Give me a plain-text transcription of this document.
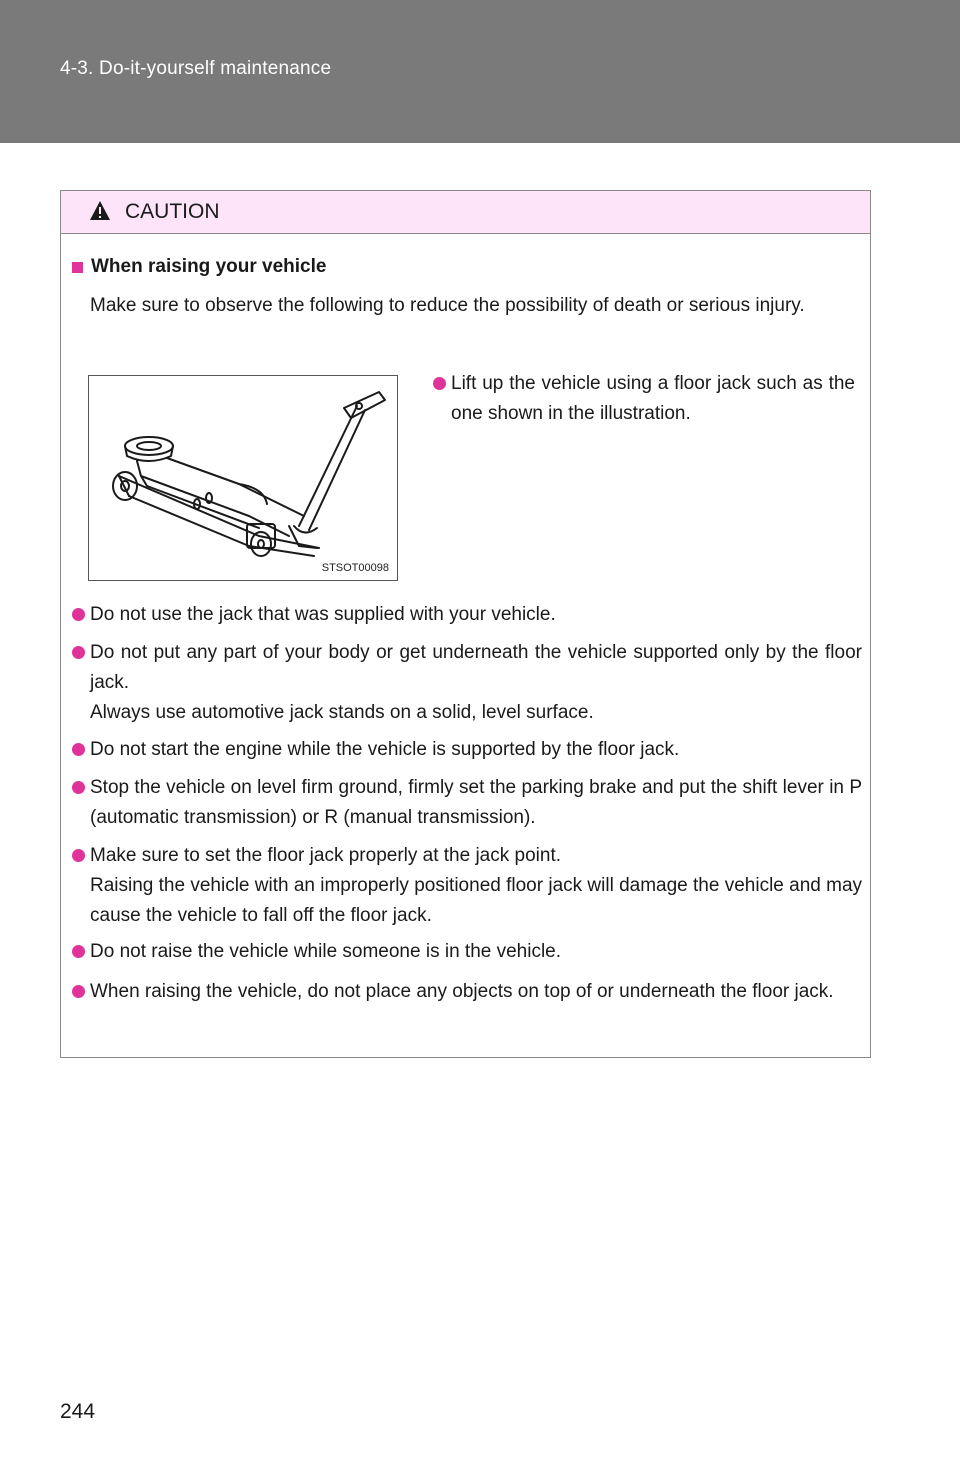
4-3. Do-it-yourself maintenance
CAUTION
When raising your vehicle
Make sure to observe the following to reduce the possibility of death or serious injury.
STSOT00098
Lift up the vehicle using a floor jack such as the one shown in the illustration.
Do not use the jack that was supplied with your vehicle.
Do not put any part of your body or get underneath the vehicle supported only by the floor jack.
Always use automotive jack stands on a solid, level surface.
Do not start the engine while the vehicle is supported by the floor jack.
Stop the vehicle on level firm ground, firmly set the parking brake and put the shift lever in P (automatic transmission) or R (manual transmission).
Make sure to set the floor jack properly at the jack point.
Raising the vehicle with an improperly positioned floor jack will damage the vehicle and may cause the vehicle to fall off the floor jack.
Do not raise the vehicle while someone is in the vehicle.
When raising the vehicle, do not place any objects on top of or underneath the floor jack.
244
